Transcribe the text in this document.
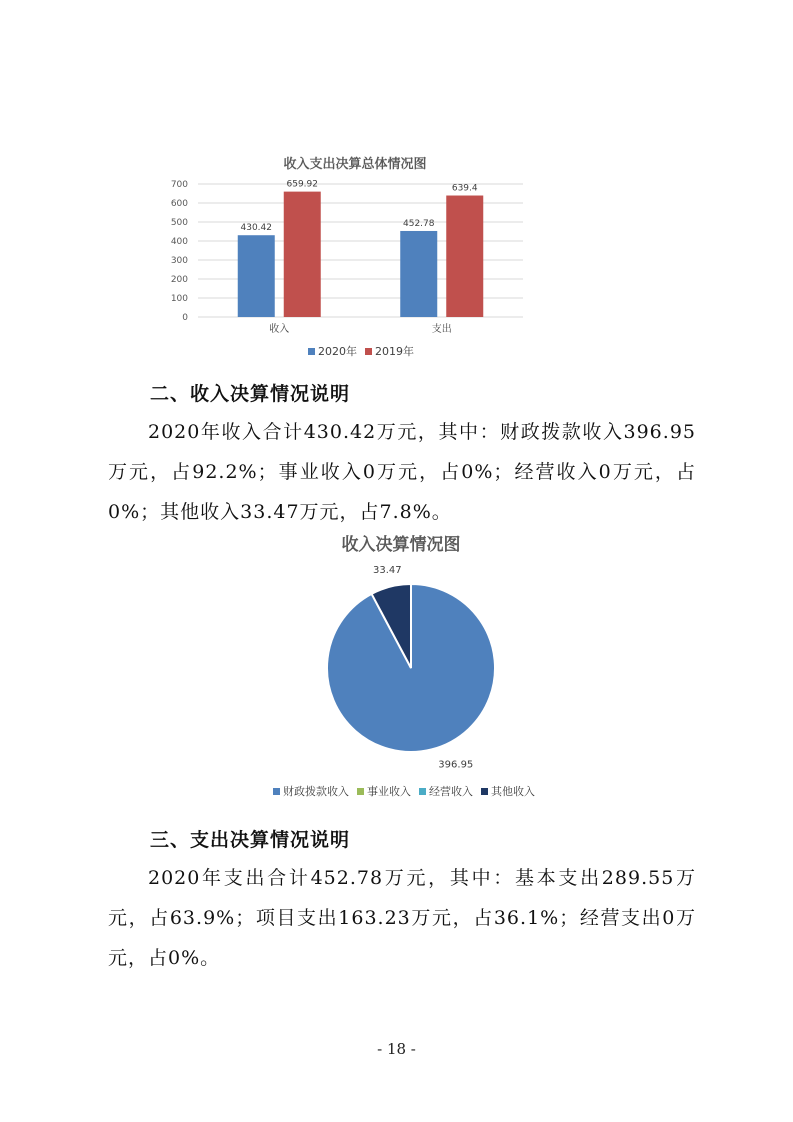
收入支出决算总体情况图
0
100
200
300
400
500
600
700
430.42
659.92
收入
452.78
639.4
支出
2020年 2019年
二、收入决算情况说明
2020年收入合计430.42万元，其中：财政拨款收入396.95万元，占92.2%；事业收入0万元，占0%；经营收入0万元，占0%；其他收入33.47万元，占7.8%。
收入决算情况图
396.95
33.47
财政拨款收入 事业收入 经营收入 其他收入
三、支出决算情况说明
2020年支出合计452.78万元，其中：基本支出289.55万元，占63.9%；项目支出163.23万元，占36.1%；经营支出0万元，占0%。
- 18 -
